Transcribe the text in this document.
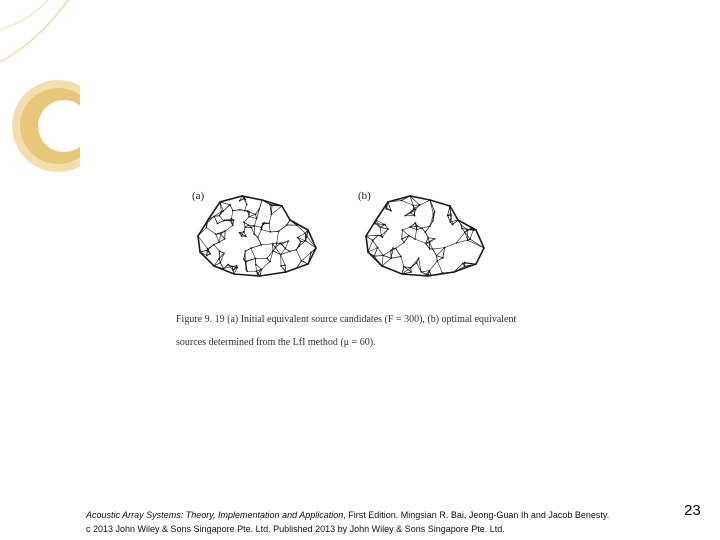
(a)	(b)
Figure 9. 19 (a) Initial equivalent source candidates (F = 300), (b) optimal equivalent
sources determined from the LfI method (μ = 60).
Acoustic Array Systems: Theory, Implementation and Application, First Edition. Mingsian R. Bai, Jeong-Guan Ih and Jacob Benesty.
c 2013 John Wiley & Sons Singapore Pte. Ltd. Published 2013 by John Wiley & Sons Singapore Pte. Ltd.
23
